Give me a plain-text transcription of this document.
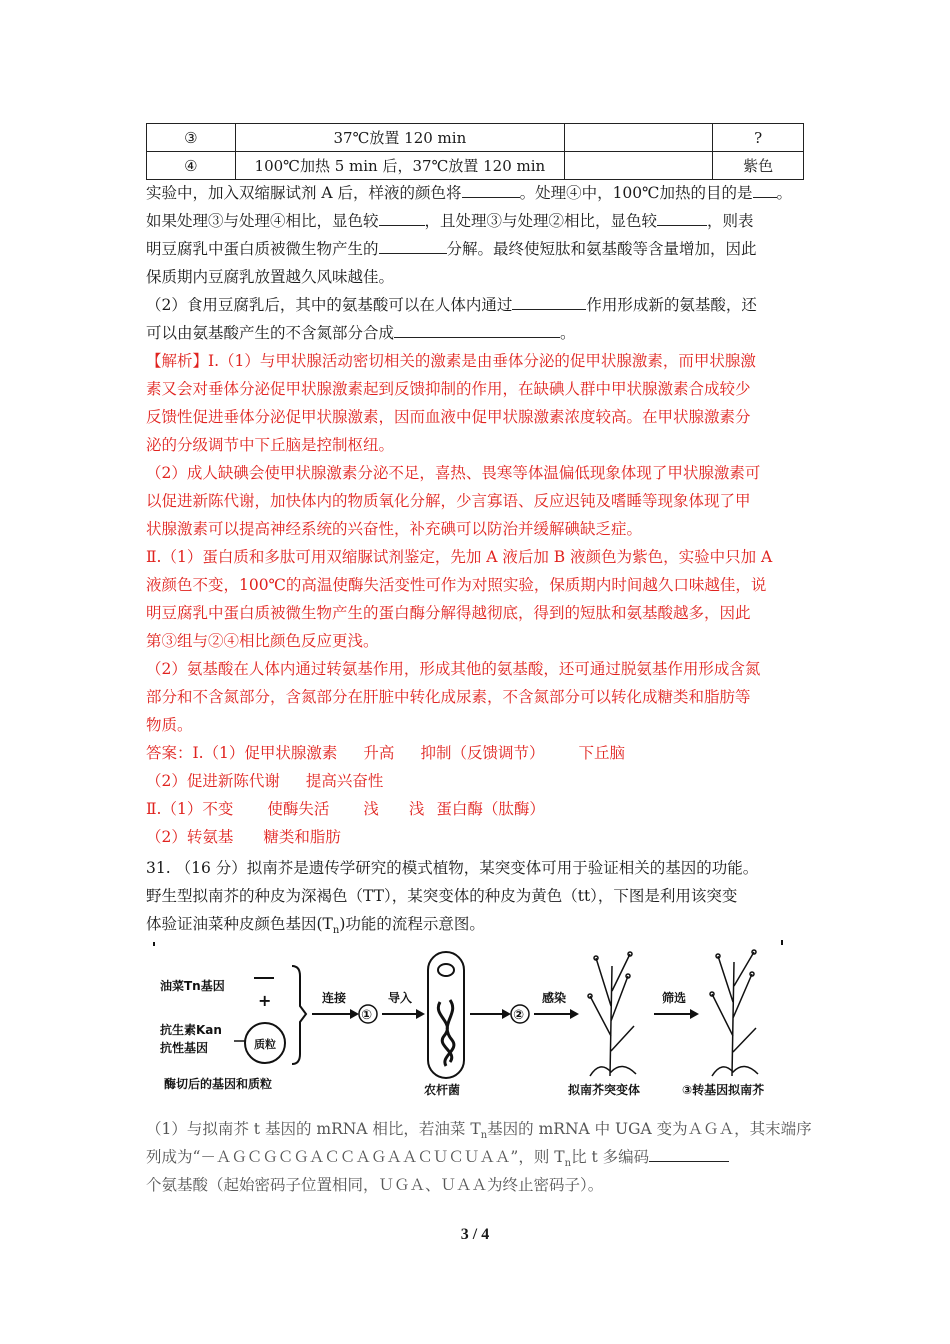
③	37℃放置 120 min		?
④	100℃加热 5 min 后，37℃放置 120 min		紫色
实验中，加入双缩脲试剂 A 后，样液的颜色将	。处理④中，100℃加热的目的是 。
如果处理③与处理④相比，显色较	，且处理③与处理②相比，显色较	，则表
明豆腐乳中蛋白质被微生物产生的	分解。最终使短肽和氨基酸等含量增加，因此
保质期内豆腐乳放置越久风味越佳。
（2）食用豆腐乳后，其中的氨基酸可以在人体内通过	作用形成新的氨基酸，还
可以由氨基酸产生的不含氮部分合成	。
【解析】Ⅰ.（1）与甲状腺活动密切相关的激素是由垂体分泌的促甲状腺激素，而甲状腺激
素又会对垂体分泌促甲状腺激素起到反馈抑制的作用，在缺碘人群中甲状腺激素合成较少
反馈性促进垂体分泌促甲状腺激素，因而血液中促甲状腺激素浓度较高。在甲状腺激素分
泌的分级调节中下丘脑是控制枢纽。
（2）成人缺碘会使甲状腺激素分泌不足，喜热、畏寒等体温偏低现象体现了甲状腺激素可
以促进新陈代谢，加快体内的物质氧化分解，少言寡语、反应迟钝及嗜睡等现象体现了甲
状腺激素可以提高神经系统的兴奋性，补充碘可以防治并缓解碘缺乏症。
Ⅱ.（1）蛋白质和多肽可用双缩脲试剂鉴定，先加 A 液后加 B 液颜色为紫色，实验中只加 A
液颜色不变，100℃的高温使酶失活变性可作为对照实验，保质期内时间越久口味越佳，说
明豆腐乳中蛋白质被微生物产生的蛋白酶分解得越彻底，得到的短肽和氨基酸越多，因此
第③组与②④相比颜色反应更浅。
（2）氨基酸在人体内通过转氨基作用，形成其他的氨基酸，还可通过脱氨基作用形成含氮
部分和不含氮部分，含氮部分在肝脏中转化成尿素，不含氮部分可以转化成糖类和脂肪等
物质。
答案：Ⅰ.（1）促甲状腺激素 升高 抑制（反馈调节） 下丘脑
（2）促进新陈代谢 提高兴奋性
Ⅱ.（1）不变 使酶失活 浅 浅 蛋白酶（肽酶）
（2）转氨基 糖类和脂肪
31. （16 分）拟南芥是遗传学研究的模式植物，某突变体可用于验证相关的基因的功能。
野生型拟南芥的种皮为深褐色（TT），某突变体的种皮为黄色（tt），下图是利用该突变
体验证油菜种皮颜色基因$(T_n)$功能的流程示意图。
油菜Tn基因
+
抗生素Kan
抗性基因	质粒
酶切后的基因和质粒
连接
①
导入
农杆菌
②
感染
拟南芥突变体
筛选
③转基因拟南芥
（1）与拟南芥 t 基因的 mRNA 相比，若油菜 $T_n$基因的 mRNA 中 UGA 变为ＡＧＡ，其末端序
列成为“－ＡＧＣＧＣＧＡＣＣＡＧＡＡＣＵＣＵＡＡ”，则 $T_n$比 t 多编码
个氨基酸（起始密码子位置相同，ＵＧＡ、ＵＡＡ为终止密码子）。
3 / 4
